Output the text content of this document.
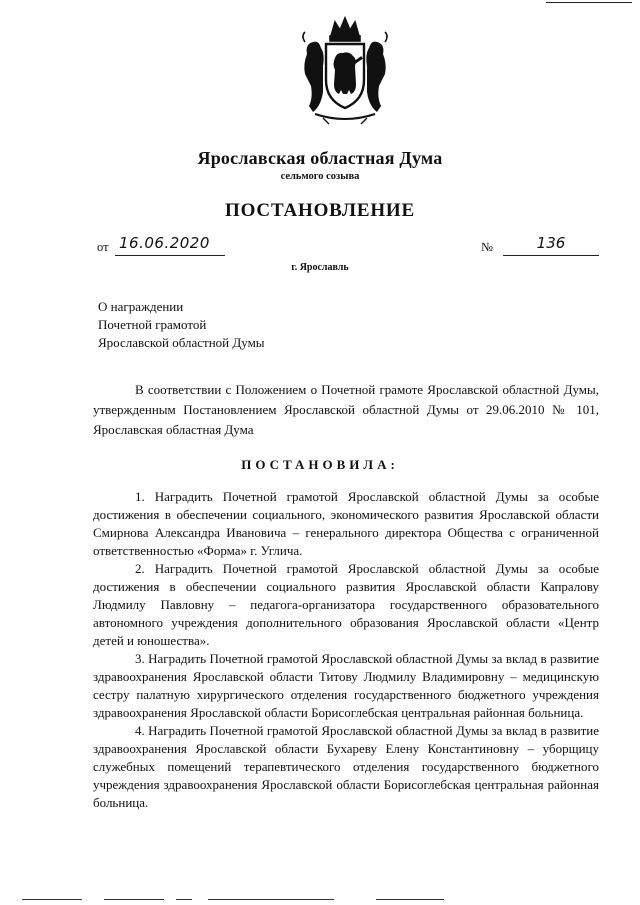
Ярославская областная Дума
сельмого созыва
ПОСТАНОВЛЕНИЕ
от 16.06.2020	№	136
г. Ярославль
О награждении
Почетной грамотой
Ярославской областной Думы
В соответствии с Положением о Почетной грамоте Ярославской областной Думы, утвержденным Постановлением Ярославской областной Думы от 29.06.2010 № 101, Ярославская областная Дума
ПОСТАНОВИЛА:

1. Наградить Почетной грамотой Ярославской областной Думы за особые достижения в обеспечении социального, экономического развития Ярославской области Смирнова Александра Ивановича – генерального директора Общества с ограниченной ответственностью «Форма» г. Углича.

2. Наградить Почетной грамотой Ярославской областной Думы за особые достижения в обеспечении социального развития Ярославской области Капралову Людмилу Павловну – педагога-организатора государственного образовательного автономного учреждения дополнительного образования Ярославской области «Центр детей и юношества».

3. Наградить Почетной грамотой Ярославской областной Думы за вклад в развитие здравоохранения Ярославской области Титову Людмилу Владимировну – медицинскую сестру палатную хирургического отделения государственного бюджетного учреждения здравоохранения Ярославской области Борисоглебская центральная районная больница.

4. Наградить Почетной грамотой Ярославской областной Думы за вклад в развитие здравоохранения Ярославской области Бухареву Елену Константиновну – уборщицу служебных помещений терапевтического отделения государственного бюджетного учреждения здравоохранения Ярославской области Борисоглебская центральная районная больница.
